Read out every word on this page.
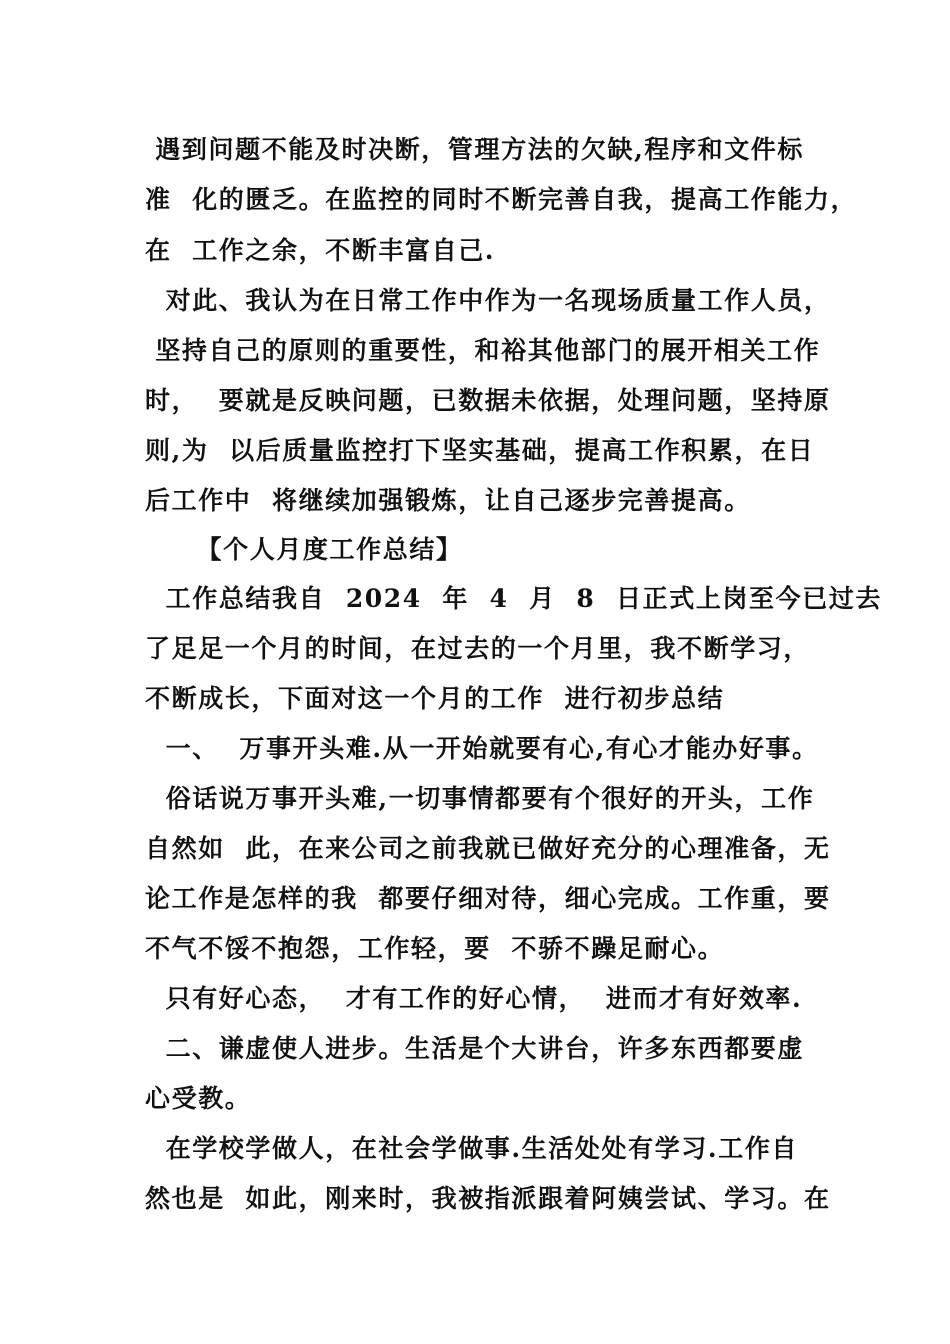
遇到问题不能及时决断，管理方法的欠缺,程序和文件标
准  化的匮乏。在监控的同时不断完善自我，提高工作能力，
在  工作之余，不断丰富自己.
对此、我认为在日常工作中作为一名现场质量工作人员，
坚持自己的原则的重要性，和裕其他部门的展开相关工作
时，  要就是反映问题，已数据未依据，处理问题，坚持原
则,为  以后质量监控打下坚实基础，提高工作积累，在日
后工作中  将继续加强锻炼，让自己逐步完善提高。
【个人月度工作总结】
工作总结我自  2024  年  4  月  8  日正式上岗至今已过去
了足足一个月的时间，在过去的一个月里，我不断学习，
不断成长，下面对这一个月的工作  进行初步总结
一、  万事开头难.从一开始就要有心,有心才能办好事。
俗话说万事开头难,一切事情都要有个很好的开头，工作
自然如  此，在来公司之前我就已做好充分的心理准备，无
论工作是怎样的我  都要仔细对待，细心完成。工作重，要
不气不馁不抱怨，工作轻，要  不骄不躁足耐心。
只有好心态，  才有工作的好心情，  进而才有好效率.
二、谦虚使人进步。生活是个大讲台，许多东西都要虚
心受教。
在学校学做人，在社会学做事.生活处处有学习.工作自
然也是  如此，刚来时，我被指派跟着阿姨尝试、学习。在
